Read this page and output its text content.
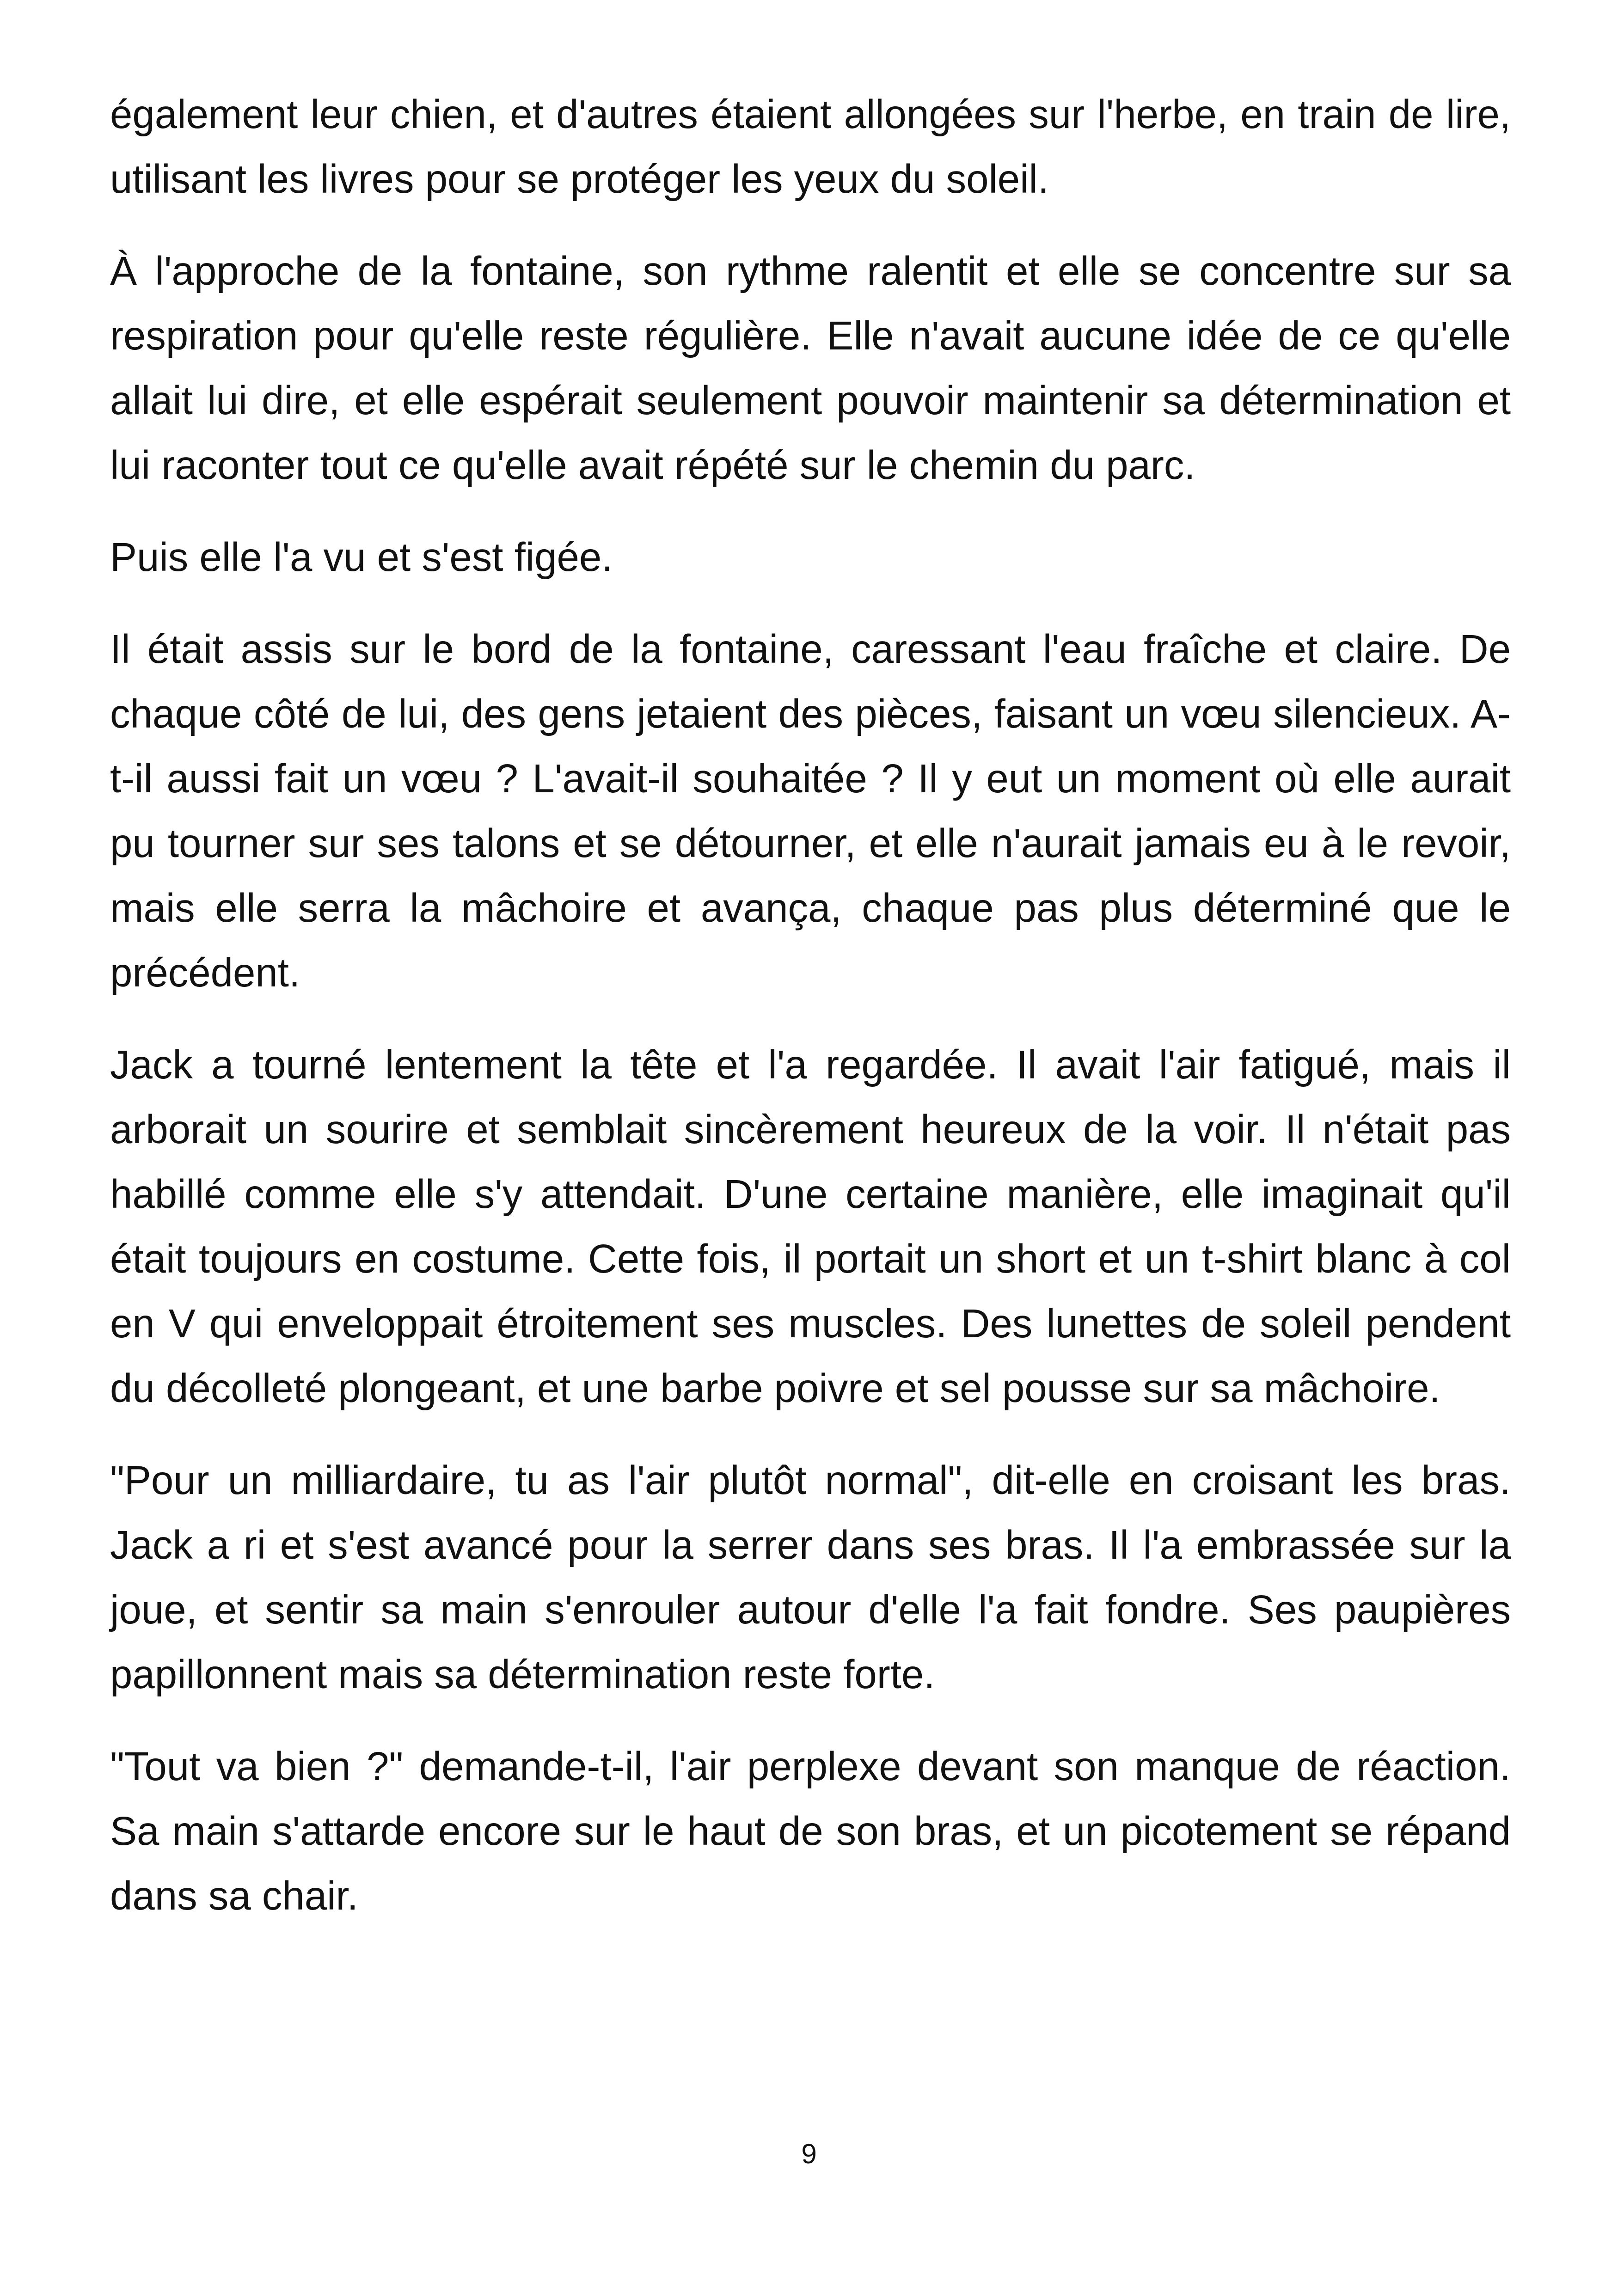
également leur chien, et d'autres étaient allongées sur l'herbe, en train de lire, utilisant les livres pour se protéger les yeux du soleil.

À l'approche de la fontaine, son rythme ralentit et elle se concentre sur sa respiration pour qu'elle reste régulière. Elle n'avait aucune idée de ce qu'elle allait lui dire, et elle espérait seulement pouvoir maintenir sa détermination et lui raconter tout ce qu'elle avait répété sur le chemin du parc.

Puis elle l'a vu et s'est figée.

Il était assis sur le bord de la fontaine, caressant l'eau fraîche et claire. De chaque côté de lui, des gens jetaient des pièces, faisant un vœu silencieux. A-t-il aussi fait un vœu ? L'avait-il souhaitée ? Il y eut un moment où elle aurait pu tourner sur ses talons et se détourner, et elle n'aurait jamais eu à le revoir, mais elle serra la mâchoire et avança, chaque pas plus déterminé que le précédent.

Jack a tourné lentement la tête et l'a regardée. Il avait l'air fatigué, mais il arborait un sourire et semblait sincèrement heureux de la voir. Il n'était pas habillé comme elle s'y attendait. D'une certaine manière, elle imaginait qu'il était toujours en costume. Cette fois, il portait un short et un t-shirt blanc à col en V qui enveloppait étroitement ses muscles. Des lunettes de soleil pendent du décolleté plongeant, et une barbe poivre et sel pousse sur sa mâchoire.

"Pour un milliardaire, tu as l'air plutôt normal", dit-elle en croisant les bras. Jack a ri et s'est avancé pour la serrer dans ses bras. Il l'a embrassée sur la joue, et sentir sa main s'enrouler autour d'elle l'a fait fondre. Ses paupières papillonnent mais sa détermination reste forte.

"Tout va bien ?" demande-t-il, l'air perplexe devant son manque de réaction. Sa main s'attarde encore sur le haut de son bras, et un picotement se répand dans sa chair.

9
